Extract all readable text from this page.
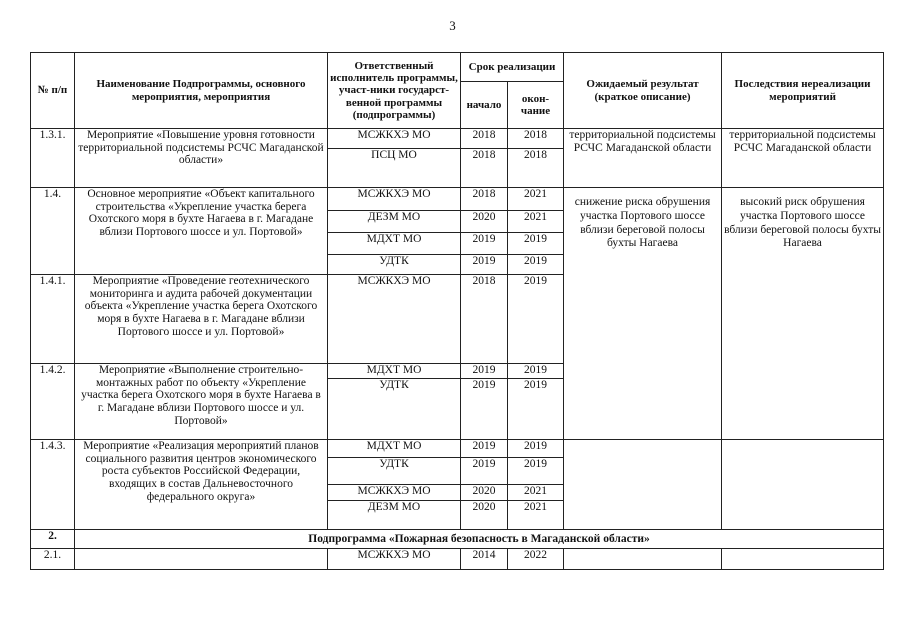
3
№ п/п	Наименование Подпрограммы, основного мероприятия, мероприятия	Ответственный исполнитель программы, участ-ники государст-венной программы (подпрограммы)	Срок реализации		Ожидаемый результат (краткое описание)	Последствия нереализации мероприятий
			начало	окон-чание		
1.3.1.	Мероприятие «Повышение уровня готовности территориальной подсистемы РСЧС Магаданской области»	МСЖКХЭ МО	2018	2018	территориальной подсистемы РСЧС Магаданской области	территориальной подсистемы РСЧС Магаданской области
		ПСЦ МО	2018	2018		
1.4.	Основное мероприятие «Объект капитального строительства «Укрепление участка берега Охотского моря в бухте Нагаева в г. Магадане вблизи Портового шоссе и ул. Портовой»	МСЖКХЭ МО	2018	2021	снижение риска обрушения участка Портового шоссе вблизи береговой полосы бухты Нагаева	высокий риск обрушения участка Портового шоссе вблизи береговой полосы бухты Нагаева
		ДЕЗМ МО	2020	2021		
		МДХТ МО	2019	2019		
		УДТК	2019	2019		
1.4.1.	Мероприятие «Проведение геотехнического мониторинга и аудита рабочей документации объекта «Укрепление участка берега Охотского моря в бухте Нагаева в г. Магадане вблизи Портового шоссе и ул. Портовой»	МСЖКХЭ МО	2018	2019		
1.4.2.	Мероприятие «Выполнение строительно-монтажных работ по объекту «Укрепление участка берега Охотского моря в бухте Нагаева в г. Магадане вблизи Портового шоссе и ул. Портовой»	МДХТ МО	2019	2019		
		УДТК	2019	2019		
1.4.3.	Мероприятие «Реализация мероприятий планов социального развития центров экономического роста субъектов Российской Федерации, входящих в состав Дальневосточного федерального округа»	МДХТ МО	2019	2019		
		УДТК	2019	2019		
		МСЖКХЭ МО	2020	2021		
		ДЕЗМ МО	2020	2021		
2.	Подпрограмма «Пожарная безопасность в Магаданской области»					
2.1.		МСЖКХЭ МО	2014	2022		
